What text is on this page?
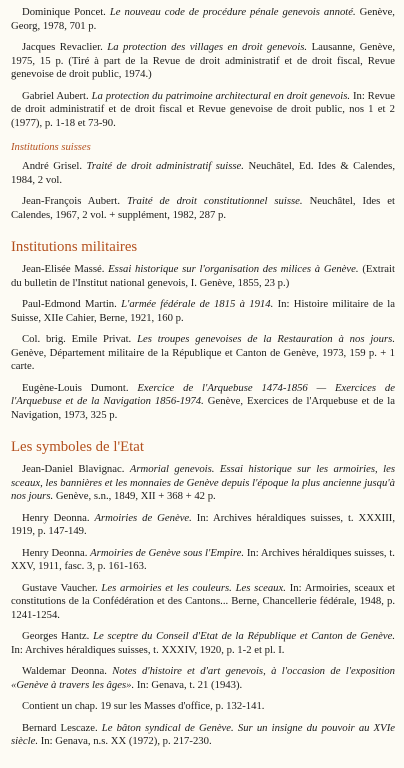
Dominique Poncet. Le nouveau code de procédure pénale genevois annoté. Genève, Georg, 1978, 701 p.

Jacques Revaclier. La protection des villages en droit genevois. Lausanne, Genève, 1975, 15 p. (Tiré à part de la Revue de droit administratif et de droit fiscal, Revue genevoise de droit public, 1974.)

Gabriel Aubert. La protection du patrimoine architectural en droit genevois. In: Revue de droit administratif et de droit fiscal et Revue genevoise de droit public, nos 1 et 2 (1977), p. 1-18 et 73-90.

Institutions suisses

André Grisel. Traité de droit administratif suisse. Neuchâtel, Ed. Ides & Calendes, 1984, 2 vol.

Jean-François Aubert. Traité de droit constitutionnel suisse. Neuchâtel, Ides et Calendes, 1967, 2 vol. + supplément, 1982, 287 p.

Institutions militaires

Jean-Elisée Massé. Essai historique sur l'organisation des milices à Genève. (Extrait du bulletin de l'Institut national genevois, I. Genève, 1855, 23 p.)

Paul-Edmond Martin. L'armée fédérale de 1815 à 1914. In: Histoire militaire de la Suisse, XIIe Cahier, Berne, 1921, 160 p.

Col. brig. Emile Privat. Les troupes genevoises de la Restauration à nos jours. Genève, Département militaire de la République et Canton de Genève, 1973, 159 p. + 1 carte.

Eugène-Louis Dumont. Exercice de l'Arquebuse 1474-1856 — Exercices de l'Arquebuse et de la Navigation 1856-1974. Genève, Exercices de l'Arquebuse et de la Navigation, 1973, 325 p.

Les symboles de l'Etat

Jean-Daniel Blavignac. Armorial genevois. Essai historique sur les armoiries, les sceaux, les bannières et les monnaies de Genève depuis l'époque la plus ancienne jusqu'à nos jours. Genève, s.n., 1849, XII + 368 + 42 p.

Henry Deonna. Armoiries de Genève. In: Archives héraldiques suisses, t. XXXIII, 1919, p. 147-149.

Henry Deonna. Armoiries de Genève sous l'Empire. In: Archives héraldiques suisses, t. XXV, 1911, fasc. 3, p. 161-163.

Gustave Vaucher. Les armoiries et les couleurs. Les sceaux. In: Armoiries, sceaux et constitutions de la Confédération et des Cantons... Berne, Chancellerie fédérale, 1948, p. 1241-1254.

Georges Hantz. Le sceptre du Conseil d'Etat de la République et Canton de Genève. In: Archives héraldiques suisses, t. XXXIV, 1920, p. 1-2 et pl. I.

Waldemar Deonna. Notes d'histoire et d'art genevois, à l'occasion de l'exposition «Genève à travers les âges». In: Genava, t. 21 (1943).

Contient un chap. 19 sur les Masses d'office, p. 132-141.

Bernard Lescaze. Le bâton syndical de Genève. Sur un insigne du pouvoir au XVIe siècle. In: Genava, n.s. XX (1972), p. 217-230.
